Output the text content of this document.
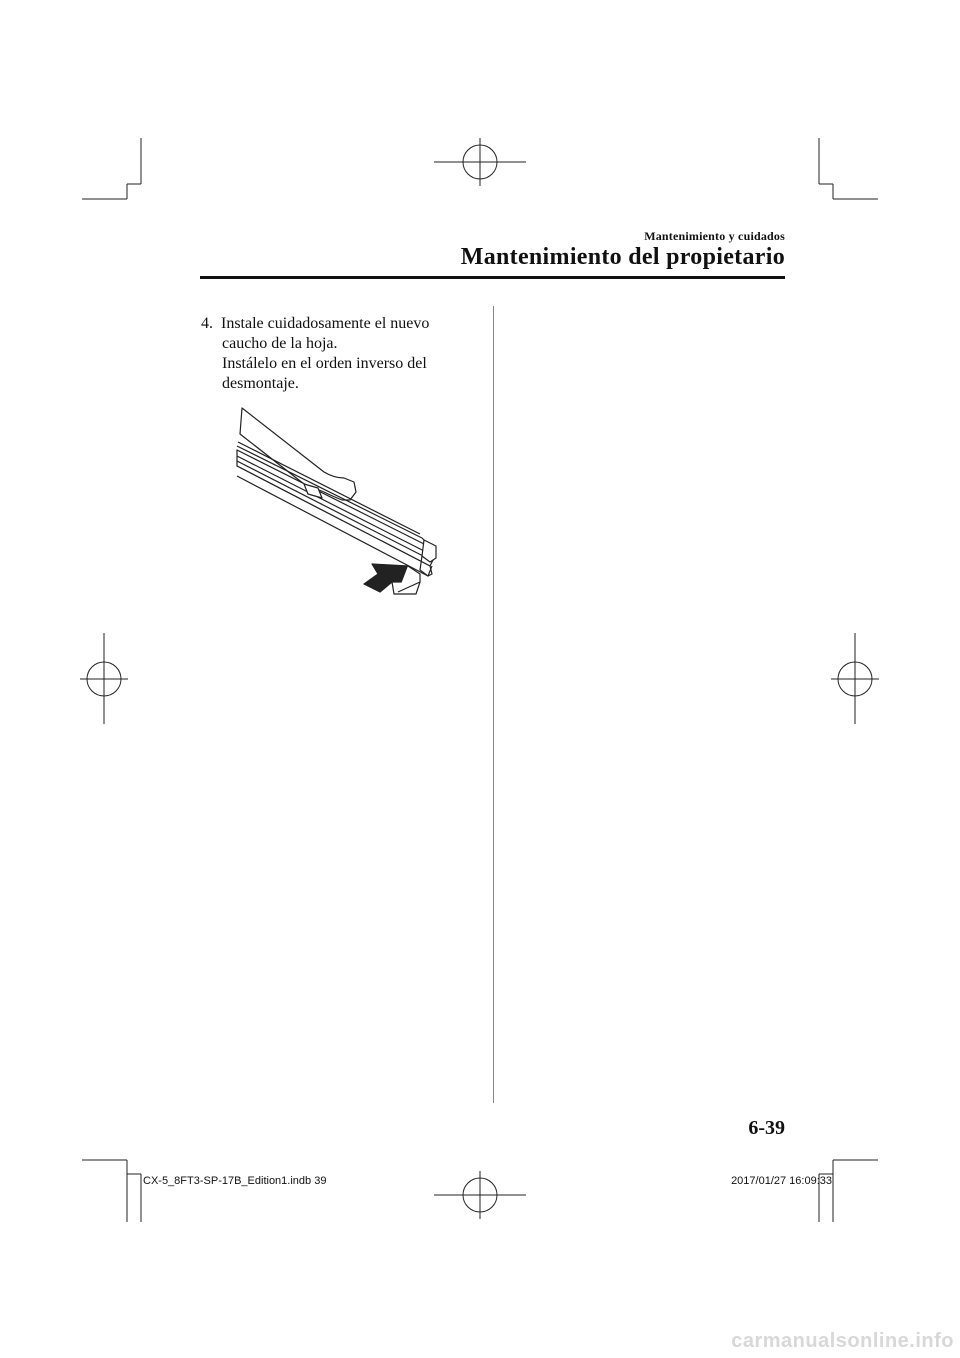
Mantenimiento y cuidados
Mantenimiento del propietario
4. Instale cuidadosamente el nuevo
caucho de la hoja.
Instálelo en el orden inverso del
desmontaje.
6-39
CX-5_8FT3-SP-17B_Edition1.indb 39	2017/01/27 16:09:33
carmanualsonline.info
